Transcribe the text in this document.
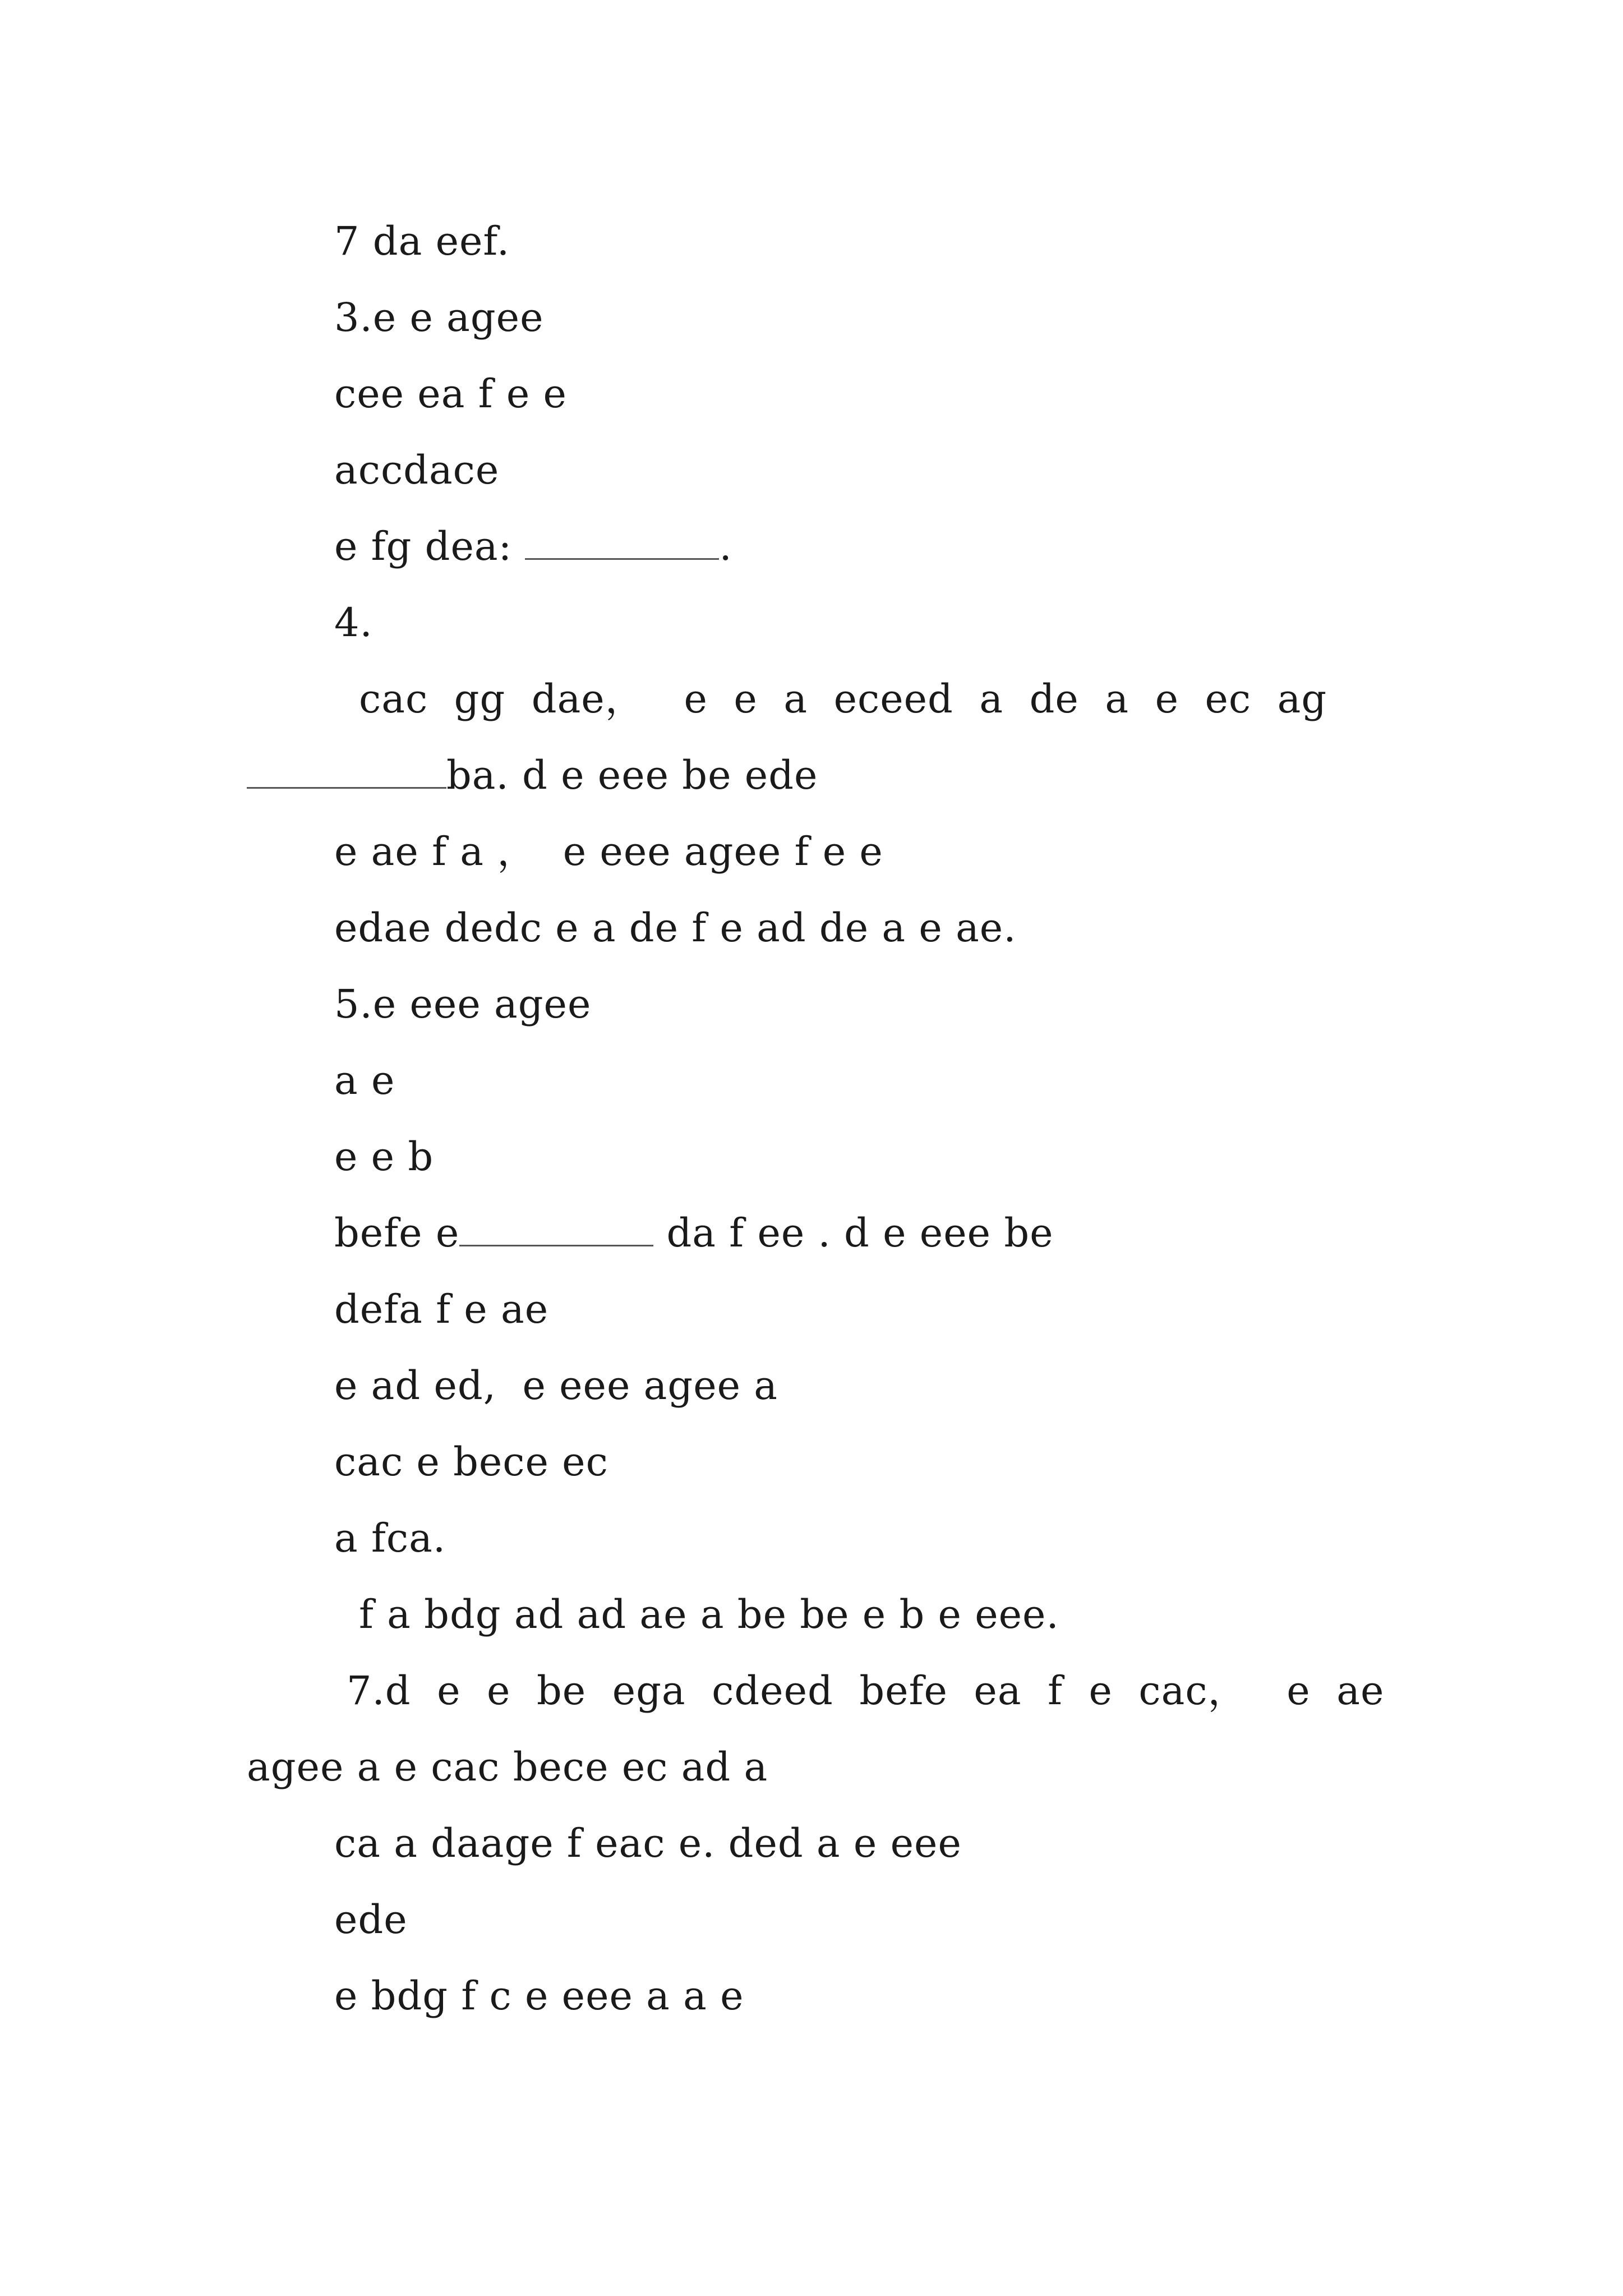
7 da eef.
3.e e agee
cee ea f e e
accdace
e fg dea:	.
4.
cac  gg  dae，   e  e  a  eceed  a  de  a  e  ec  ag
ba. d e eee be ede
e ae f a ，  e eee agee f e e
edae dedc e a de f e ad de a e ae.
5.e eee agee
a e
e e b
befe e	da f ee . d e eee be
defa f e ae
e ad ed,  e eee agee a
cac e bece ec
a fca.
f a bdg ad ad ae a be be e b e eee.
7.d  e  e  be  ega  cdeed  befe  ea  f  e  cac，   e  ae
agee a e cac bece ec ad a
ca a daage f eac e. ded a e eee
ede
e bdg f c e eee a a e
